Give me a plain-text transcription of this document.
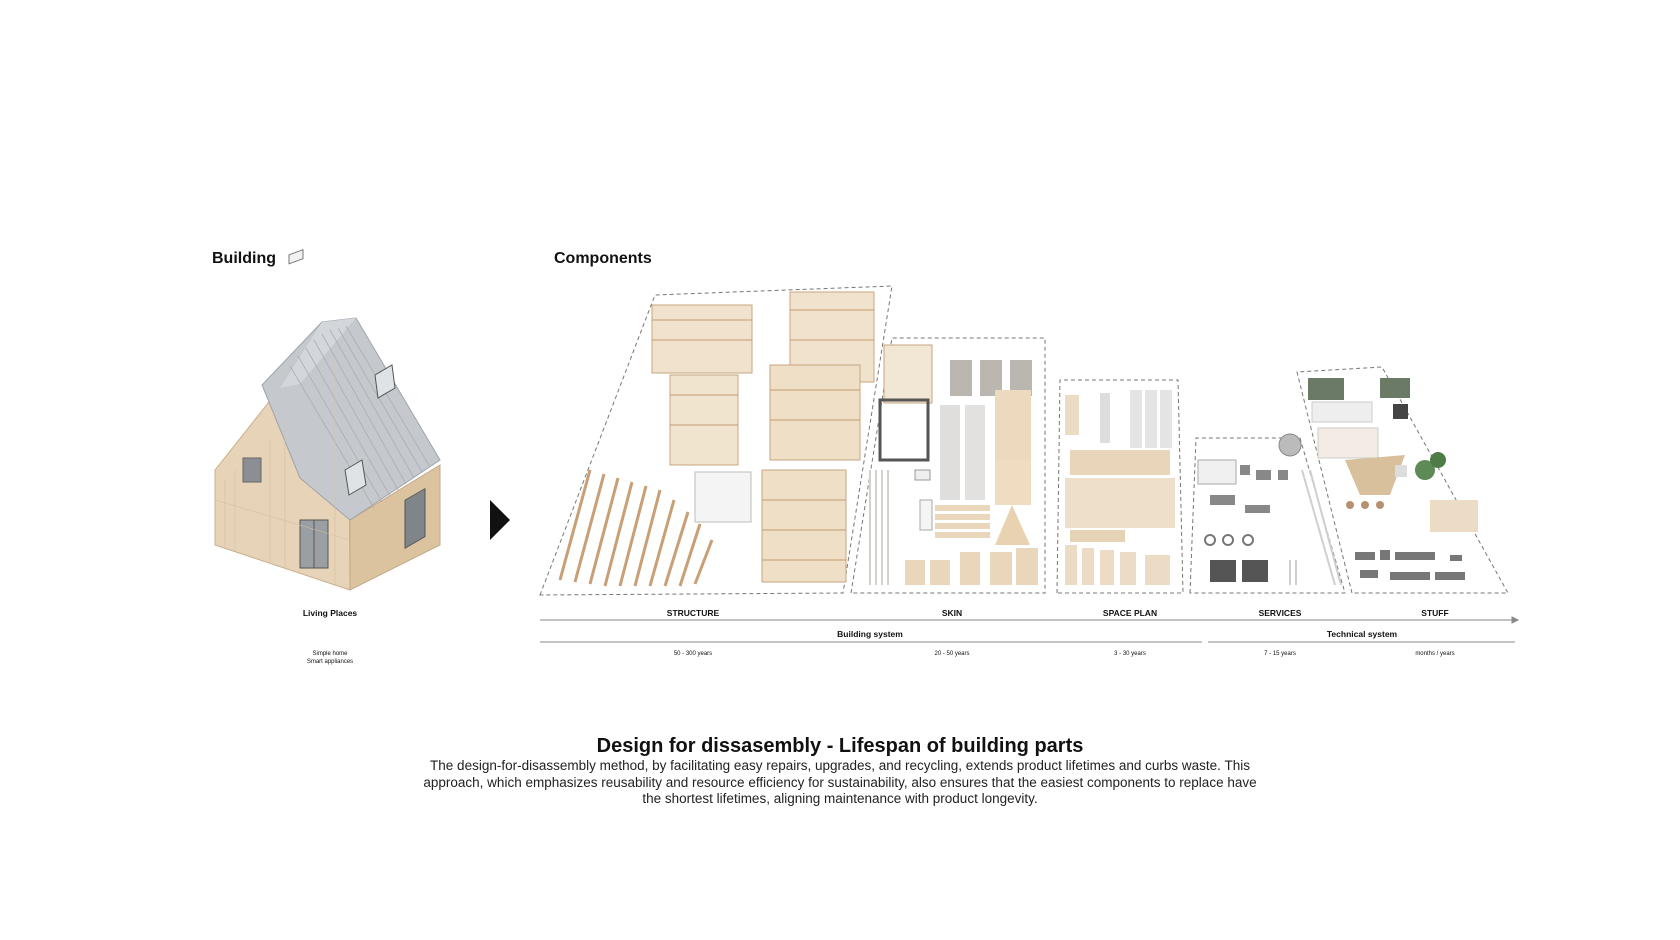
Building	Components
Living Places
Simple home
Smart appliances
STRUCTURE	SKIN	SPACE PLAN	SERVICES	STUFF
Building system	Technical system
50 - 300 years	20 - 50 years	3 - 30 years	7 - 15 years	months / years
Design for dissasembly - Lifespan of building parts
The design-for-disassembly method, by facilitating easy repairs, upgrades, and recycling, extends product lifetimes and curbs waste. This approach, which emphasizes reusability and resource efficiency for sustainability, also ensures that the easiest components to replace have the shortest lifetimes, aligning maintenance with product longevity.
